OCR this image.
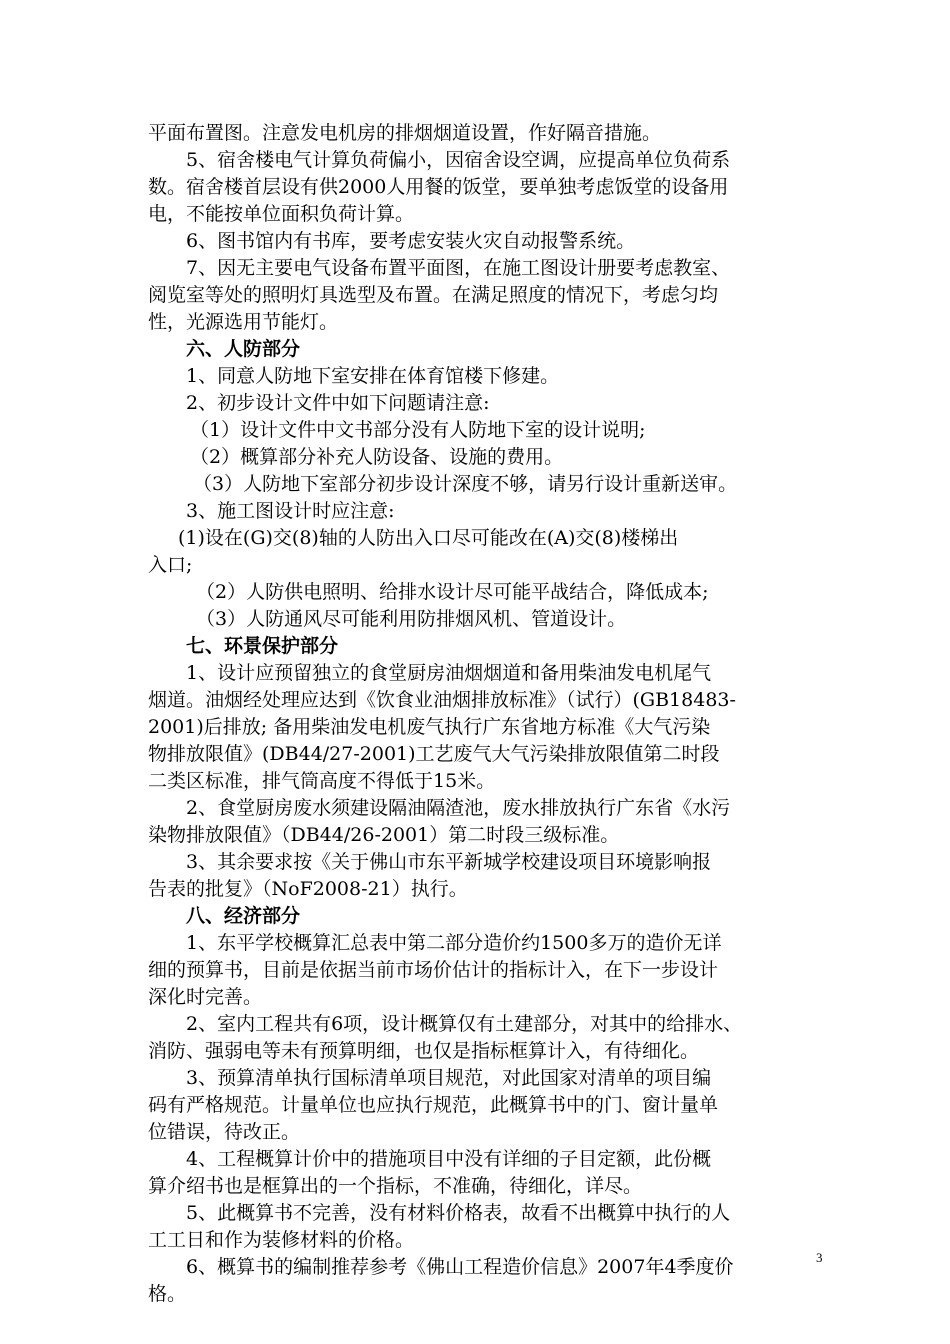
平面布置图。注意发电机房的排烟烟道设置，作好隔音措施。
5、宿舍楼电气计算负荷偏小，因宿舍设空调，应提高单位负荷系
数。宿舍楼首层设有供2000人用餐的饭堂，要单独考虑饭堂的设备用
电，不能按单位面积负荷计算。
6、图书馆内有书库，要考虑安装火灾自动报警系统。
7、因无主要电气设备布置平面图，在施工图设计册要考虑教室、
阅览室等处的照明灯具选型及布置。在满足照度的情况下，考虑匀均
性，光源选用节能灯。
六、人防部分
1、同意人防地下室安排在体育馆楼下修建。
2、初步设计文件中如下问题请注意:
（1）设计文件中文书部分没有人防地下室的设计说明;
（2）概算部分补充人防设备、设施的费用。
（3）人防地下室部分初步设计深度不够，请另行设计重新送审。
3、施工图设计时应注意:
(1)设在(G)交(8)轴的人防出入口尽可能改在(A)交(8)楼梯出
入口;
（2）人防供电照明、给排水设计尽可能平战结合，降低成本;
（3）人防通风尽可能利用防排烟风机、管道设计。
七、环景保护部分
1、设计应预留独立的食堂厨房油烟烟道和备用柴油发电机尾气
烟道。油烟经处理应达到《饮食业油烟排放标准》（试行）(GB18483-
2001)后排放; 备用柴油发电机废气执行广东省地方标准《大气污染
物排放限值》(DB44/27-2001)工艺废气大气污染排放限值第二时段
二类区标准，排气筒高度不得低于15米。
2、食堂厨房废水须建设隔油隔渣池，废水排放执行广东省《水污
染物排放限值》（DB44/26-2001）第二时段三级标准。
3、其余要求按《关于佛山市东平新城学校建设项目环境影响报
告表的批复》（NoF2008-21）执行。
八、经济部分
1、东平学校概算汇总表中第二部分造价约1500多万的造价无详
细的预算书，目前是依据当前市场价估计的指标计入，在下一步设计
深化时完善。
2、室内工程共有6项，设计概算仅有土建部分，对其中的给排水、
消防、强弱电等未有预算明细，也仅是指标框算计入，有待细化。
3、预算清单执行国标清单项目规范，对此国家对清单的项目编
码有严格规范。计量单位也应执行规范，此概算书中的门、窗计量单
位错误，待改正。
4、工程概算计价中的措施项目中没有详细的子目定额，此份概
算介绍书也是框算出的一个指标，不准确，待细化，详尽。
5、此概算书不完善，没有材料价格表，故看不出概算中执行的人
工工日和作为装修材料的价格。
6、概算书的编制推荐参考《佛山工程造价信息》2007年4季度价
格。
3
